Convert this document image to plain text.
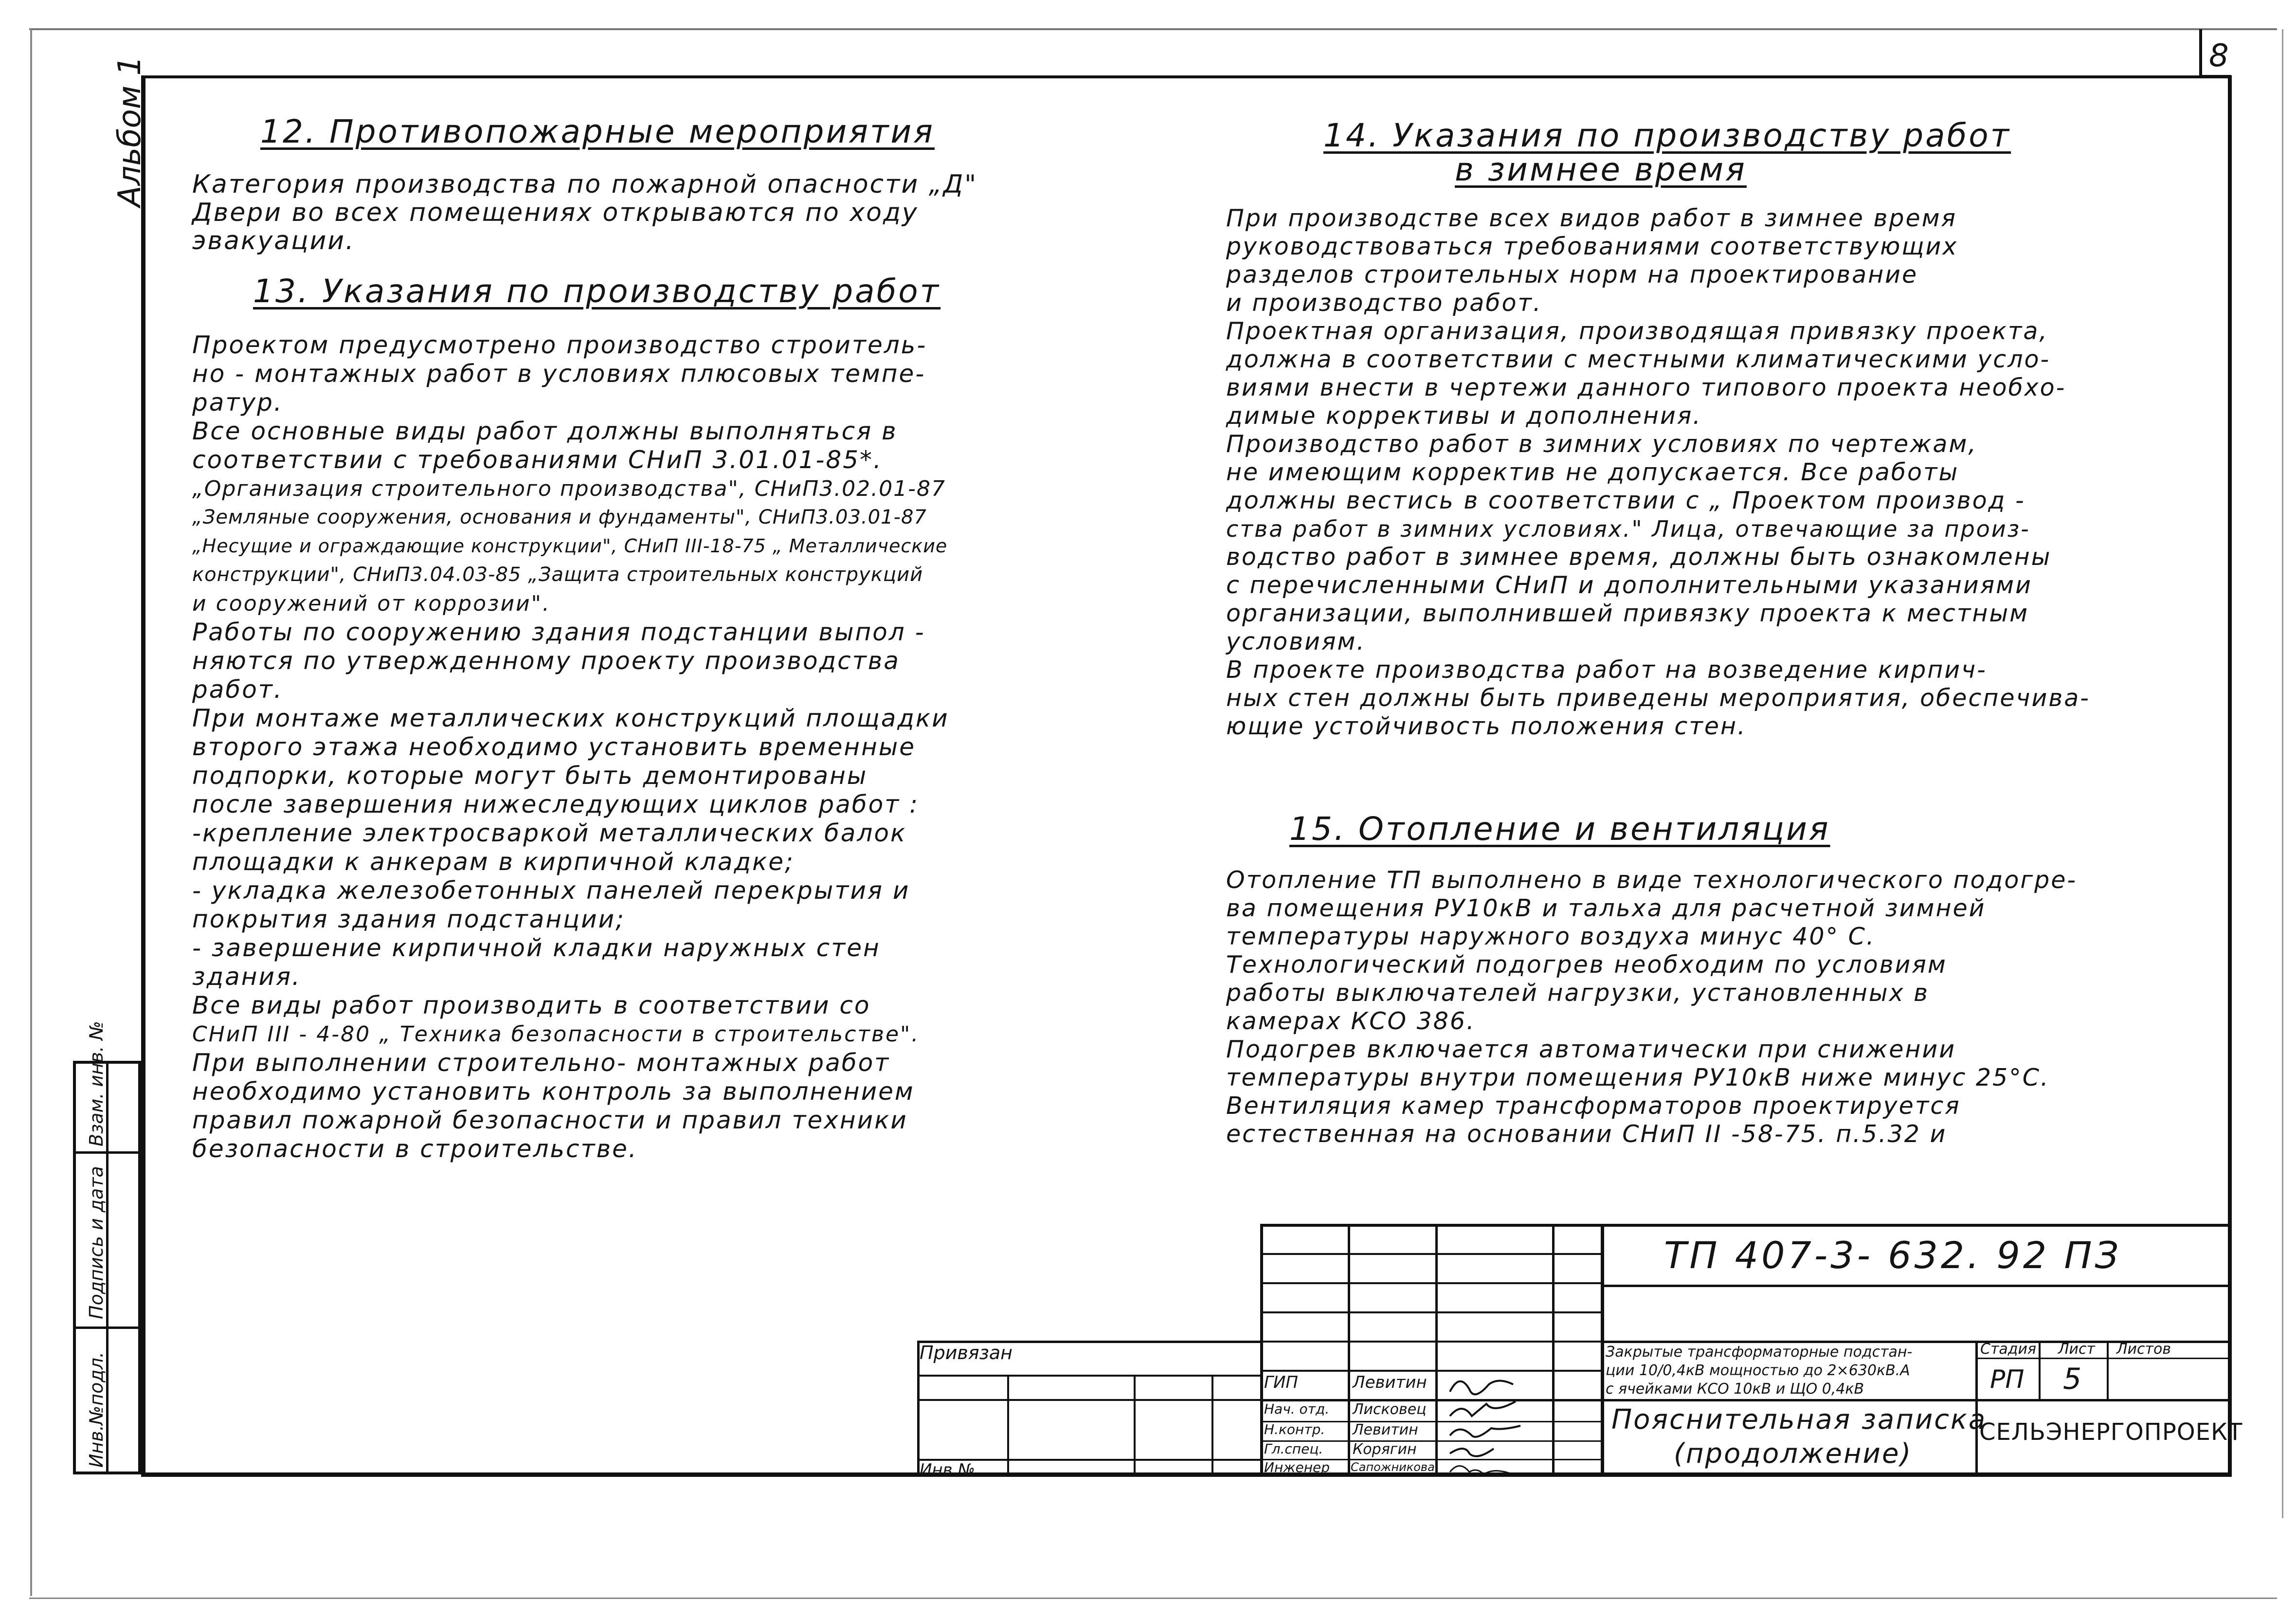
8
Альбом 1
Инв.№подл.
Подпись и дата
Взам. инв. №
12. Противопожарные мероприятия
Категория производства по пожарной опасности „Д"
Двери во всех помещениях открываются по ходу
эвакуации.
13. Указания по производству работ
Проектом предусмотрено производство строитель-
но - монтажных работ в условиях плюсовых темпе-
ратур.
Все основные виды работ должны выполняться в
соответствии с требованиями СНиП 3.01.01-85*.
„Организация строительного производства", СНиП3.02.01-87
„Земляные сооружения, основания и фундаменты", СНиП3.03.01-87
„Несущие и ограждающие конструкции", СНиП ІІІ-18-75 „ Металлические
конструкции", СНиП3.04.03-85 „Защита строительных конструкций
и сооружений от коррозии".
Работы по сооружению здания подстанции выпол -
няются по утвержденному проекту производства
работ.
При монтаже металлических конструкций площадки
второго этажа необходимо установить временные
подпорки, которые могут быть демонтированы
после завершения нижеследующих циклов работ :
-крепление электросваркой металлических балок
площадки к анкерам в кирпичной кладке;
- укладка железобетонных панелей перекрытия и
покрытия здания подстанции;
- завершение кирпичной кладки наружных стен
здания.
Все виды работ производить в соответствии со
СНиП ІІІ - 4-80 „ Техника безопасности в строительстве".
При выполнении строительно- монтажных работ
необходимо установить контроль за выполнением
правил пожарной безопасности и правил техники
безопасности в строительстве.
14. Указания по производству работ
в зимнее время
При производстве всех видов работ в зимнее время
руководствоваться требованиями соответствующих
разделов строительных норм на проектирование
и производство работ.
Проектная организация, производящая привязку проекта,
должна в соответствии с местными климатическими усло-
виями внести в чертежи данного типового проекта необхо-
димые коррективы и дополнения.
Производство работ в зимних условиях по чертежам,
не имеющим корректив не допускается. Все работы
должны вестись в соответствии с „ Проектом производ -
ства работ в зимних условиях." Лица, отвечающие за произ-
водство работ в зимнее время, должны быть ознакомлены
с перечисленными СНиП и дополнительными указаниями
организации, выполнившей привязку проекта к местным
условиям.
В проекте производства работ на возведение кирпич-
ных стен должны быть приведены мероприятия, обеспечива-
ющие устойчивость положения стен.
15. Отопление и вентиляция
Отопление ТП выполнено в виде технологического подогре-
ва помещения РУ10кВ и тальха для расчетной зимней
температуры наружного воздуха минус 40° С.
Технологический подогрев необходим по условиям
работы выключателей нагрузки, установленных в
камерах КСО 386.
Подогрев включается автоматически при снижении
температуры внутри помещения РУ10кВ ниже минус 25°С.
Вентиляция камер трансформаторов проектируется
естественная на основании СНиП ІІ -58-75. п.5.32 и
Привязан
Инв.№
ГИП
Нач. отд.
Н.контр.
Гл.спец.
Инженер
Левитин
Лисковец
Левитин
Корягин
Сапожникова
ТП 407-3- 632. 92 ПЗ
Закрытые трансформаторные подстан-
ции 10/0,4кВ мощностью до 2×630кВ.А
с ячейками КСО 10кВ и ЩО 0,4кВ
Стадия Лист Листов
РП 5
Пояснительная записка
(продолжение)
СЕЛЬЭНЕРГОПРОЕКТ
